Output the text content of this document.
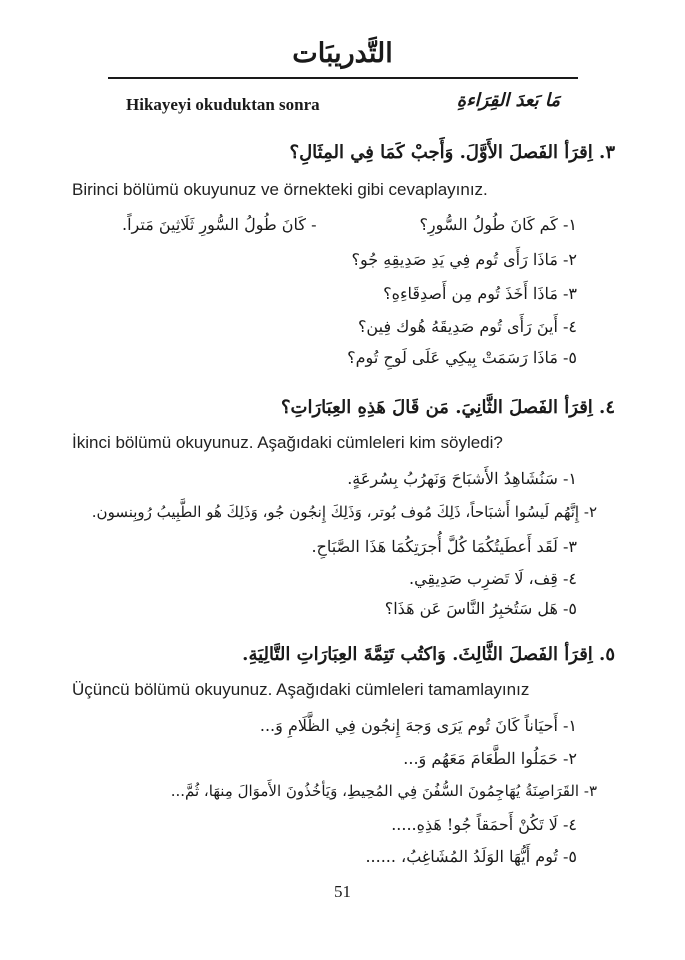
التَّدريبَات
Hikayeyi okuduktan sonra	مَا بَعدَ القِرَاءةِ
٣. اِقرَأ الفَصلَ الأَوَّلَ. وَأَجبْ كَمَا فِي المِثَالِ؟
Birinci bölümü okuyunuz ve örnekteki gibi cevaplayınız.
١- كَم كَانَ طُولُ السُّورِ؟
- كَانَ طُولُ السُّورِ ثَلَاثِينَ مَتراً.
٢- مَاذَا رَأَى تُوم فِي يَدِ صَدِيقِهِ جُو؟
٣- مَاذَا أَخَذَ تُوم مِن أَصدِقَاءِهِ؟
٤- أَينَ رَأَى تُوم صَدِيقَهُ هُوك فِين؟
٥- مَاذَا رَسَمَتْ بِيكِي عَلَى لَوحِ تُوم؟
٤. اِقرَأ الفَصلَ الثَّانِيَ. مَن قَالَ هَذِهِ العِبَارَاتِ؟
İkinci bölümü okuyunuz. Aşağıdaki cümleleri kim söyledi?
١- سَنُشَاهِدُ الأَشبَاحَ وَنَهرُبُ بِسُرعَةٍ.
٢- إِنَّهُم لَيسُوا أَشبَاحاً، ذَلِكَ مُوف بُوتر، وَذَلِكَ إِنجُون جُو، وَذَلِكَ هُو الطَّبِيبُ رُوبِنسون.
٣- لَقَد أَعطَيتُكُمَا كُلَّ أُجرَتِكُمَا هَذَا الصَّبَاحِ.
٤- قِف، لَا تَضرِب صَدِيقِي.
٥- هَل سَتُخبِرُ النَّاسَ عَن هَذَا؟
٥. اِقرَأ الفَصلَ الثَّالِثَ. وَاكتُب تَتِمَّةَ العِبَارَاتِ التَّالِيَةِ.
Üçüncü bölümü okuyunuz. Aşağıdaki cümleleri tamamlayınız
١- أَحيَاناً كَانَ تُوم يَرَى وَجهَ إِنجُون فِي الظَّلَامِ وَ...
٢- حَمَلُوا الطَّعَامَ مَعَهُم وَ...
٣- القَرَاصِنَةُ يُهَاجِمُونَ السُّفُنَ فِي المُحِيطِ، وَيَأخُذُونَ الأَموَالَ مِنهَا، ثُمَّ...
٤- لَا تَكُنْ أَحمَقاً جُو! هَذِهِ.....
٥- تُوم أَيُّهَا الوَلَدُ المُشَاغِبُ، ......
51
